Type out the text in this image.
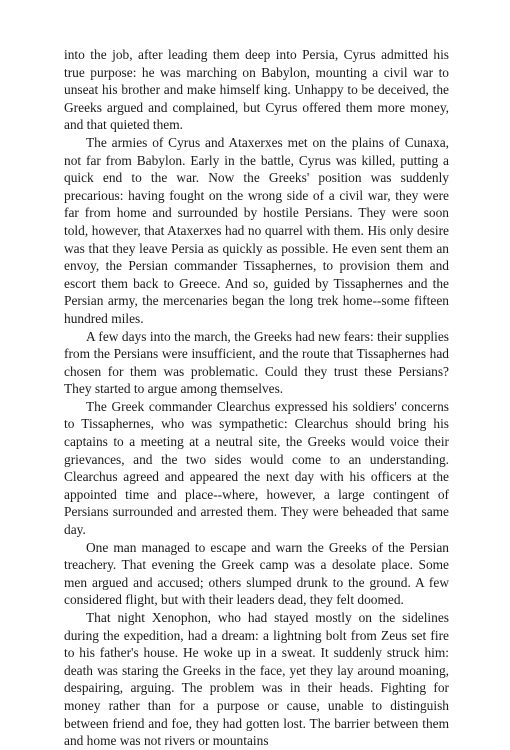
into the job, after leading them deep into Persia, Cyrus admitted his true purpose: he was marching on Babylon, mounting a civil war to unseat his brother and make himself king. Unhappy to be deceived, the Greeks argued and complained, but Cyrus offered them more money, and that quieted them.

The armies of Cyrus and Ataxerxes met on the plains of Cunaxa, not far from Babylon. Early in the battle, Cyrus was killed, putting a quick end to the war. Now the Greeks' position was suddenly precarious: having fought on the wrong side of a civil war, they were far from home and surrounded by hostile Persians. They were soon told, however, that Ataxerxes had no quarrel with them. His only desire was that they leave Persia as quickly as possible. He even sent them an envoy, the Persian commander Tissaphernes, to provision them and escort them back to Greece. And so, guided by Tissaphernes and the Persian army, the mercenaries began the long trek home--some fifteen hundred miles.

A few days into the march, the Greeks had new fears: their supplies from the Persians were insufficient, and the route that Tissaphernes had chosen for them was problematic. Could they trust these Persians? They started to argue among themselves.

The Greek commander Clearchus expressed his soldiers' concerns to Tissaphernes, who was sympathetic: Clearchus should bring his captains to a meeting at a neutral site, the Greeks would voice their grievances, and the two sides would come to an understanding. Clearchus agreed and appeared the next day with his officers at the appointed time and place--where, however, a large contingent of Persians surrounded and arrested them. They were beheaded that same day.

One man managed to escape and warn the Greeks of the Persian treachery. That evening the Greek camp was a desolate place. Some men argued and accused; others slumped drunk to the ground. A few considered flight, but with their leaders dead, they felt doomed.

That night Xenophon, who had stayed mostly on the sidelines during the expedition, had a dream: a lightning bolt from Zeus set fire to his father's house. He woke up in a sweat. It suddenly struck him: death was staring the Greeks in the face, yet they lay around moaning, despairing, arguing. The problem was in their heads. Fighting for money rather than for a purpose or cause, unable to distinguish between friend and foe, they had gotten lost. The barrier between them and home was not rivers or mountains
